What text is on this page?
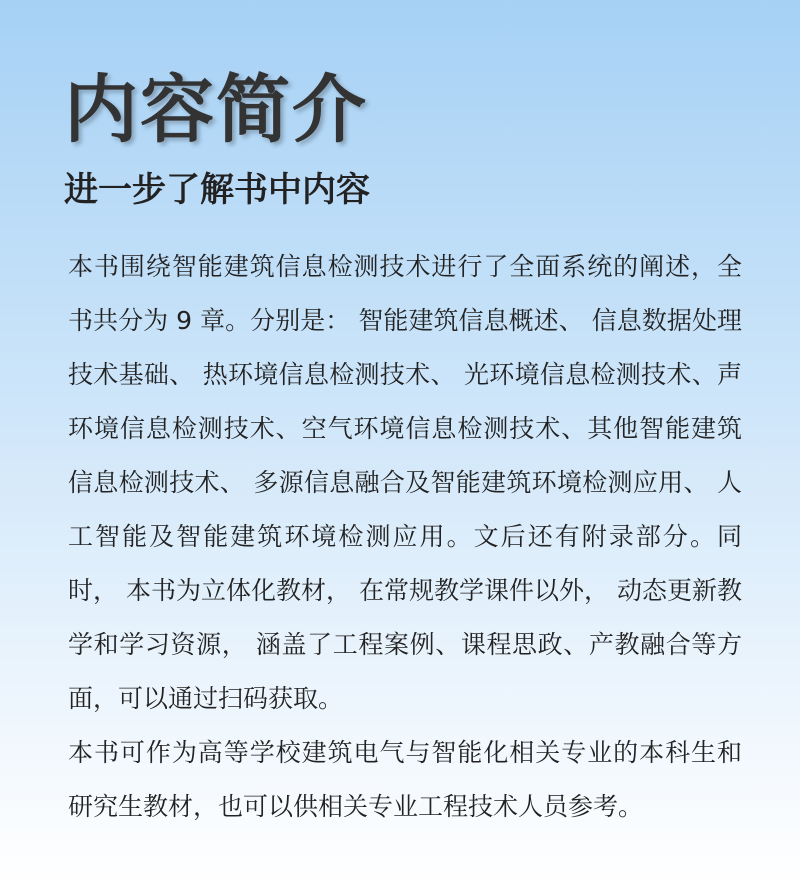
内容简介
进一步了解书中内容

本书围绕智能建筑信息检测技术进行了全面系统的阐述，全书共分为 9 章。分别是： 智能建筑信息概述、 信息数据处理技术基础、 热环境信息检测技术、 光环境信息检测技术、声环境信息检测技术、空气环境信息检测技术、其他智能建筑信息检测技术、 多源信息融合及智能建筑环境检测应用、 人工智能及智能建筑环境检测应用。文后还有附录部分。同时， 本书为立体化教材， 在常规教学课件以外， 动态更新教学和学习资源， 涵盖了工程案例、课程思政、产教融合等方面，可以通过扫码获取。

本书可作为高等学校建筑电气与智能化相关专业的本科生和研究生教材，也可以供相关专业工程技术人员参考。
